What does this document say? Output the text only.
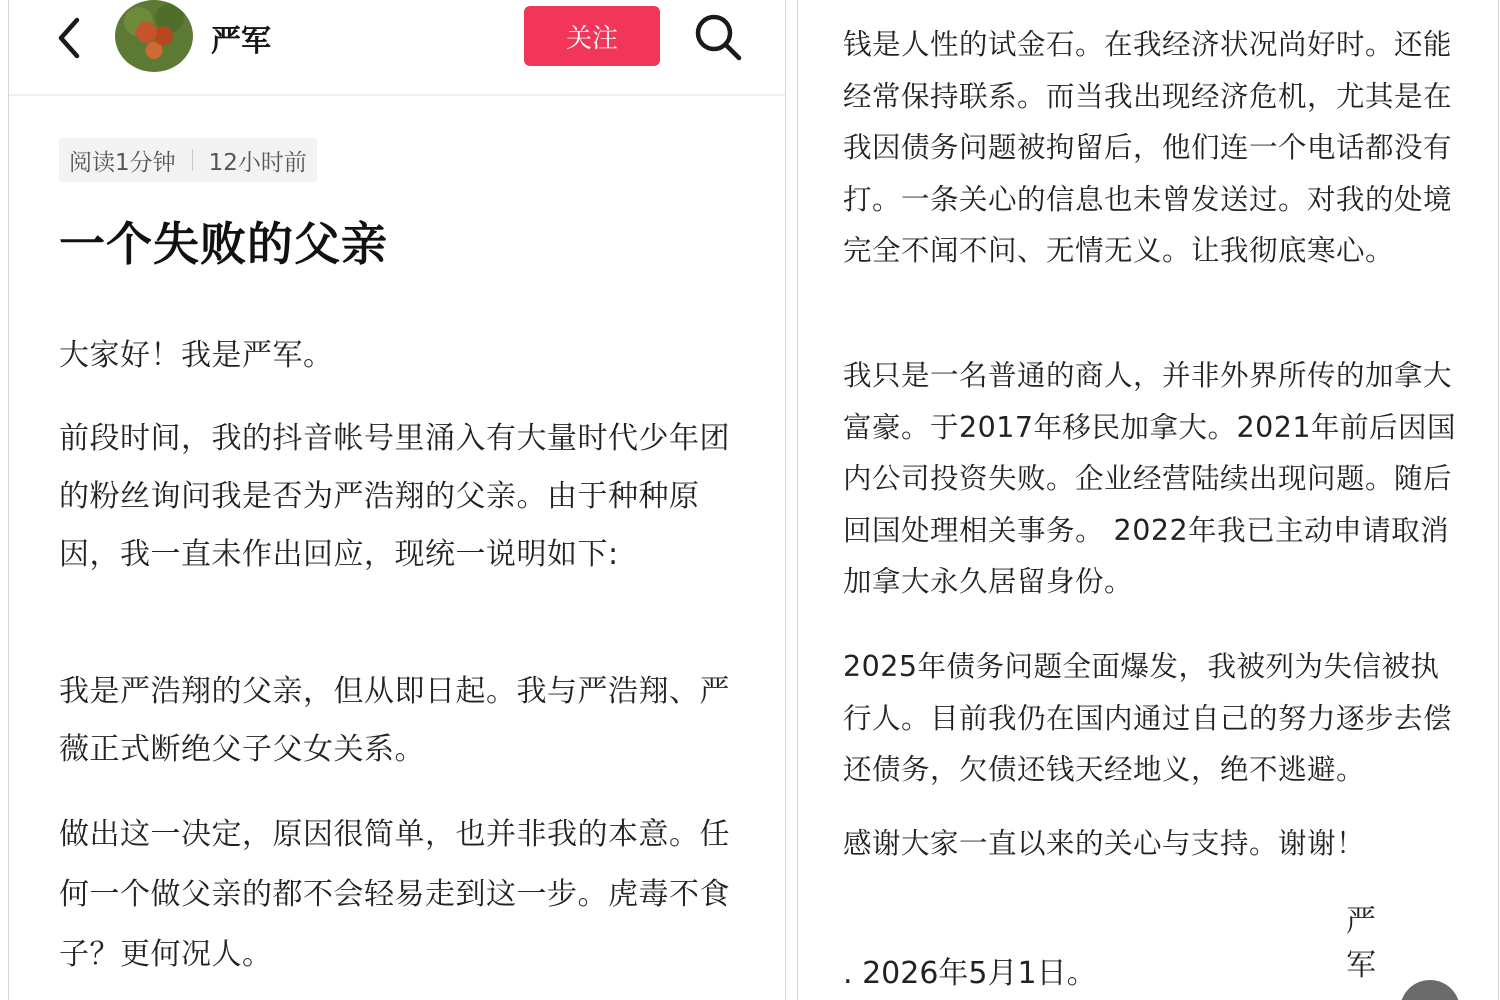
严军	关注
阅读1分钟 12小时前
一个失败的父亲

大家好！我是严军。

前段时间，我的抖音帐号里涌入有大量时代少年团的粉丝询问我是否为严浩翔的父亲。由于种种原因，我一直未作出回应，现统一说明如下:

我是严浩翔的父亲，但从即日起。我与严浩翔、严薇正式断绝父子父女关系。

做出这一决定，原因很简单，也并非我的本意。任何一个做父亲的都不会轻易走到这一步。虎毒不食子？更何况人。

钱是人性的试金石。在我经济状况尚好时。还能经常保持联系。而当我出现经济危机，尤其是在我因债务问题被拘留后，他们连一个电话都没有打。一条关心的信息也未曾发送过。对我的处境完全不闻不问、无情无义。让我彻底寒心。

我只是一名普通的商人，并非外界所传的加拿大富豪。于2017年移民加拿大。2021年前后因国内公司投资失败。企业经营陆续出现问题。随后回国处理相关事务。 2022年我已主动申请取消加拿大永久居留身份。

2025年债务问题全面爆发，我被列为失信被执行人。目前我仍在国内通过自己的努力逐步去偿还债务，欠债还钱天经地义，绝不逃避。

感谢大家一直以来的关心与支持。谢谢！

严 军
. 2026年5月1日。
